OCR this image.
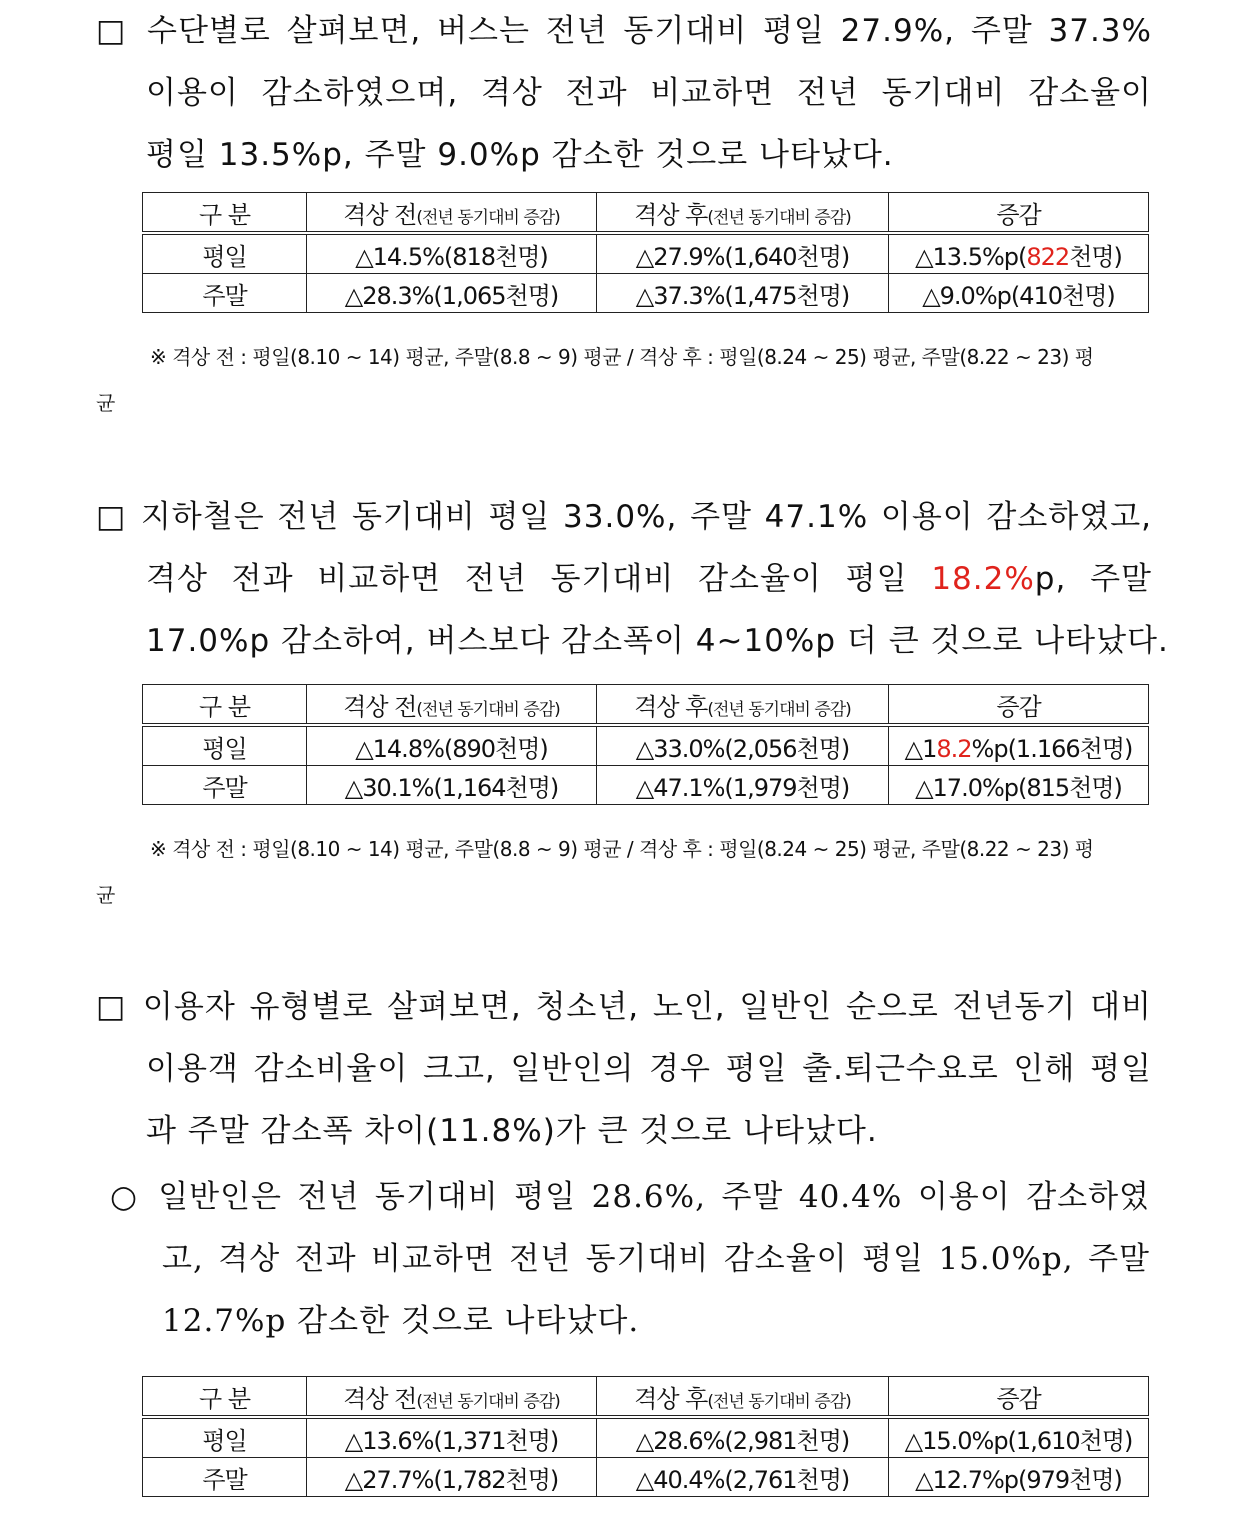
□ 수단별로 살펴보면, 버스는 전년 동기대비 평일 27.9%, 주말 37.3%
이용이 감소하였으며, 격상 전과 비교하면 전년 동기대비 감소율이
평일 13.5%p, 주말 9.0%p 감소한 것으로 나타났다.
구 분	격상 전(전년 동기대비 증감)	격상 후(전년 동기대비 증감)	증감
평일	△14.5%(818천명)	△27.9%(1,640천명)	△13.5%p(822천명)
주말	△28.3%(1,065천명)	△37.3%(1,475천명)	△9.0%p(410천명)
※ 격상 전 : 평일(8.10 ~ 14) 평균, 주말(8.8 ~ 9) 평균 / 격상 후 : 평일(8.24 ~ 25) 평균, 주말(8.22 ~ 23) 평
균
□ 지하철은 전년 동기대비 평일 33.0%, 주말 47.1% 이용이 감소하였고,
격상 전과 비교하면 전년 동기대비 감소율이 평일 18.2%p, 주말
17.0%p 감소하여, 버스보다 감소폭이 4~10%p 더 큰 것으로 나타났다.
구 분	격상 전(전년 동기대비 증감)	격상 후(전년 동기대비 증감)	증감
평일	△14.8%(890천명)	△33.0%(2,056천명)	△18.2%p(1.166천명)
주말	△30.1%(1,164천명)	△47.1%(1,979천명)	△17.0%p(815천명)
※ 격상 전 : 평일(8.10 ~ 14) 평균, 주말(8.8 ~ 9) 평균 / 격상 후 : 평일(8.24 ~ 25) 평균, 주말(8.22 ~ 23) 평
균
□ 이용자 유형별로 살펴보면, 청소년, 노인, 일반인 순으로 전년동기 대비
이용객 감소비율이 크고, 일반인의 경우 평일 출.퇴근수요로 인해 평일
과 주말 감소폭 차이(11.8%)가 큰 것으로 나타났다.
○ 일반인은 전년 동기대비 평일 28.6%, 주말 40.4% 이용이 감소하였
고, 격상 전과 비교하면 전년 동기대비 감소율이 평일 15.0%p, 주말
12.7%p 감소한 것으로 나타났다.
구 분	격상 전(전년 동기대비 증감)	격상 후(전년 동기대비 증감)	증감
평일	△13.6%(1,371천명)	△28.6%(2,981천명)	△15.0%p(1,610천명)
주말	△27.7%(1,782천명)	△40.4%(2,761천명)	△12.7%p(979천명)
